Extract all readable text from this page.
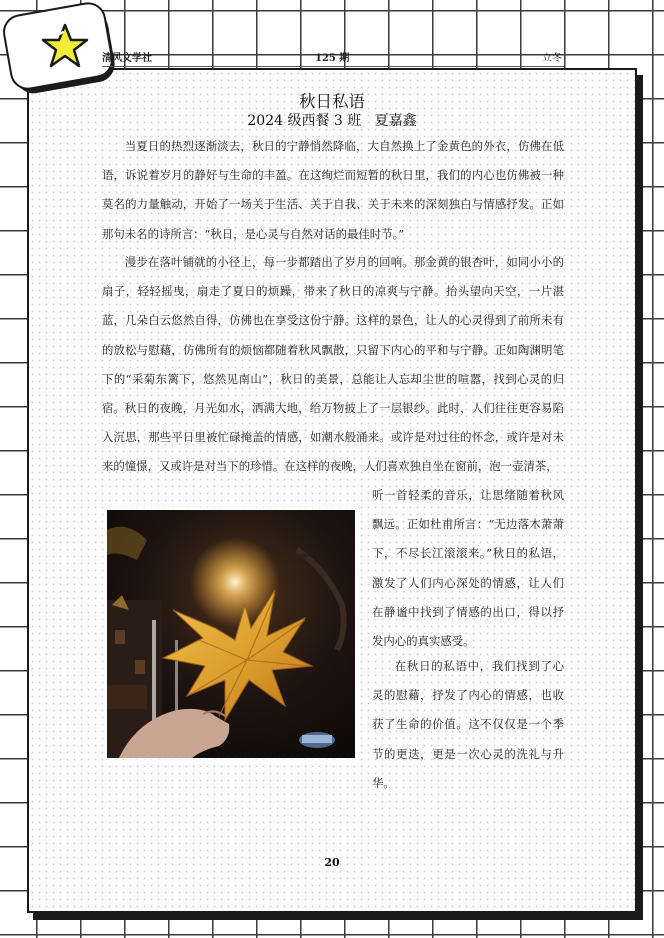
清风文学社	125 期	立冬
秋日私语
2024 级西餐 3 班   夏嘉鑫

当夏日的热烈逐渐淡去，秋日的宁静悄然降临，大自然换上了金黄色的外衣，仿佛在低语，诉说着岁月的静好与生命的丰盈。在这绚烂而短暂的秋日里，我们的内心也仿佛被一种莫名的力量触动，开始了一场关于生活、关于自我、关于未来的深刻独白与情感抒发。正如那句未名的诗所言：“秋日，是心灵与自然对话的最佳时节。”

漫步在落叶铺就的小径上，每一步都踏出了岁月的回响。那金黄的银杏叶，如同小小的扇子，轻轻摇曳，扇走了夏日的烦躁，带来了秋日的凉爽与宁静。抬头望向天空，一片湛蓝，几朵白云悠然自得，仿佛也在享受这份宁静。这样的景色，让人的心灵得到了前所未有的放松与慰藉，仿佛所有的烦恼都随着秋风飘散，只留下内心的平和与宁静。正如陶渊明笔下的“采菊东篱下，悠然见南山”，秋日的美景，总能让人忘却尘世的喧嚣，找到心灵的归宿。 秋日的夜晚，月光如水，洒满大地，给万物披上了一层银纱。此时，人们往往更容易陷入沉思，那些平日里被忙碌掩盖的情感，如潮水般涌来。或许是对过往的怀念，或许是对未来的憧憬，又或许是对当下的珍惜。在这样的夜晚，人们喜欢独自坐在窗前，泡一壶清茶，

听一首轻柔的音乐，让思绪随着秋风飘远。正如杜甫所言：“无边落木萧萧下，不尽长江滚滚来。”秋日的私语，激发了人们内心深处的情感，让人们在静谧中找到了情感的出口，得以抒发内心的真实感受。

在秋日的私语中，我们找到了心灵的慰藉，抒发了内心的情感，也收获了生命的价值。这不仅仅是一个季节的更迭，更是一次心灵的洗礼与升华。

20
